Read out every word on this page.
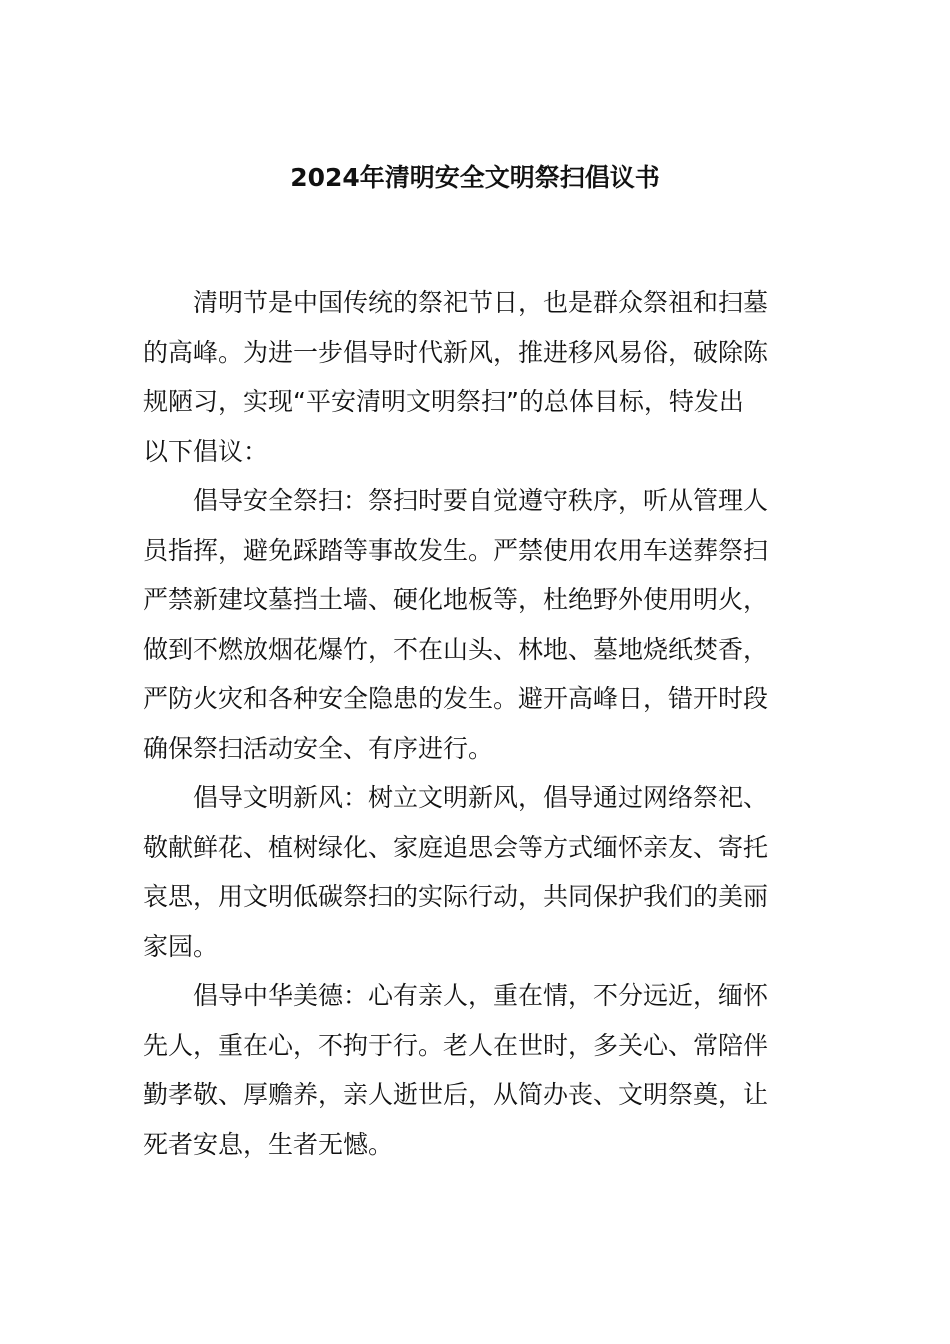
2024年清明安全文明祭扫倡议书
清明节是中国传统的祭祀节日，也是群众祭祖和扫墓
的高峰。为进一步倡导时代新风，推进移风易俗，破除陈
规陋习，实现“平安清明文明祭扫”的总体目标，特发出
以下倡议：
倡导安全祭扫：祭扫时要自觉遵守秩序，听从管理人
员指挥，避免踩踏等事故发生。严禁使用农用车送葬祭扫
严禁新建坟墓挡土墙、硬化地板等，杜绝野外使用明火，
做到不燃放烟花爆竹，不在山头、林地、墓地烧纸焚香，
严防火灾和各种安全隐患的发生。避开高峰日，错开时段
确保祭扫活动安全、有序进行。
倡导文明新风：树立文明新风，倡导通过网络祭祀、
敬献鲜花、植树绿化、家庭追思会等方式缅怀亲友、寄托
哀思，用文明低碳祭扫的实际行动，共同保护我们的美丽
家园。
倡导中华美德：心有亲人，重在情，不分远近，缅怀
先人，重在心，不拘于行。老人在世时，多关心、常陪伴
勤孝敬、厚赡养，亲人逝世后，从简办丧、文明祭奠，让
死者安息，生者无憾。
